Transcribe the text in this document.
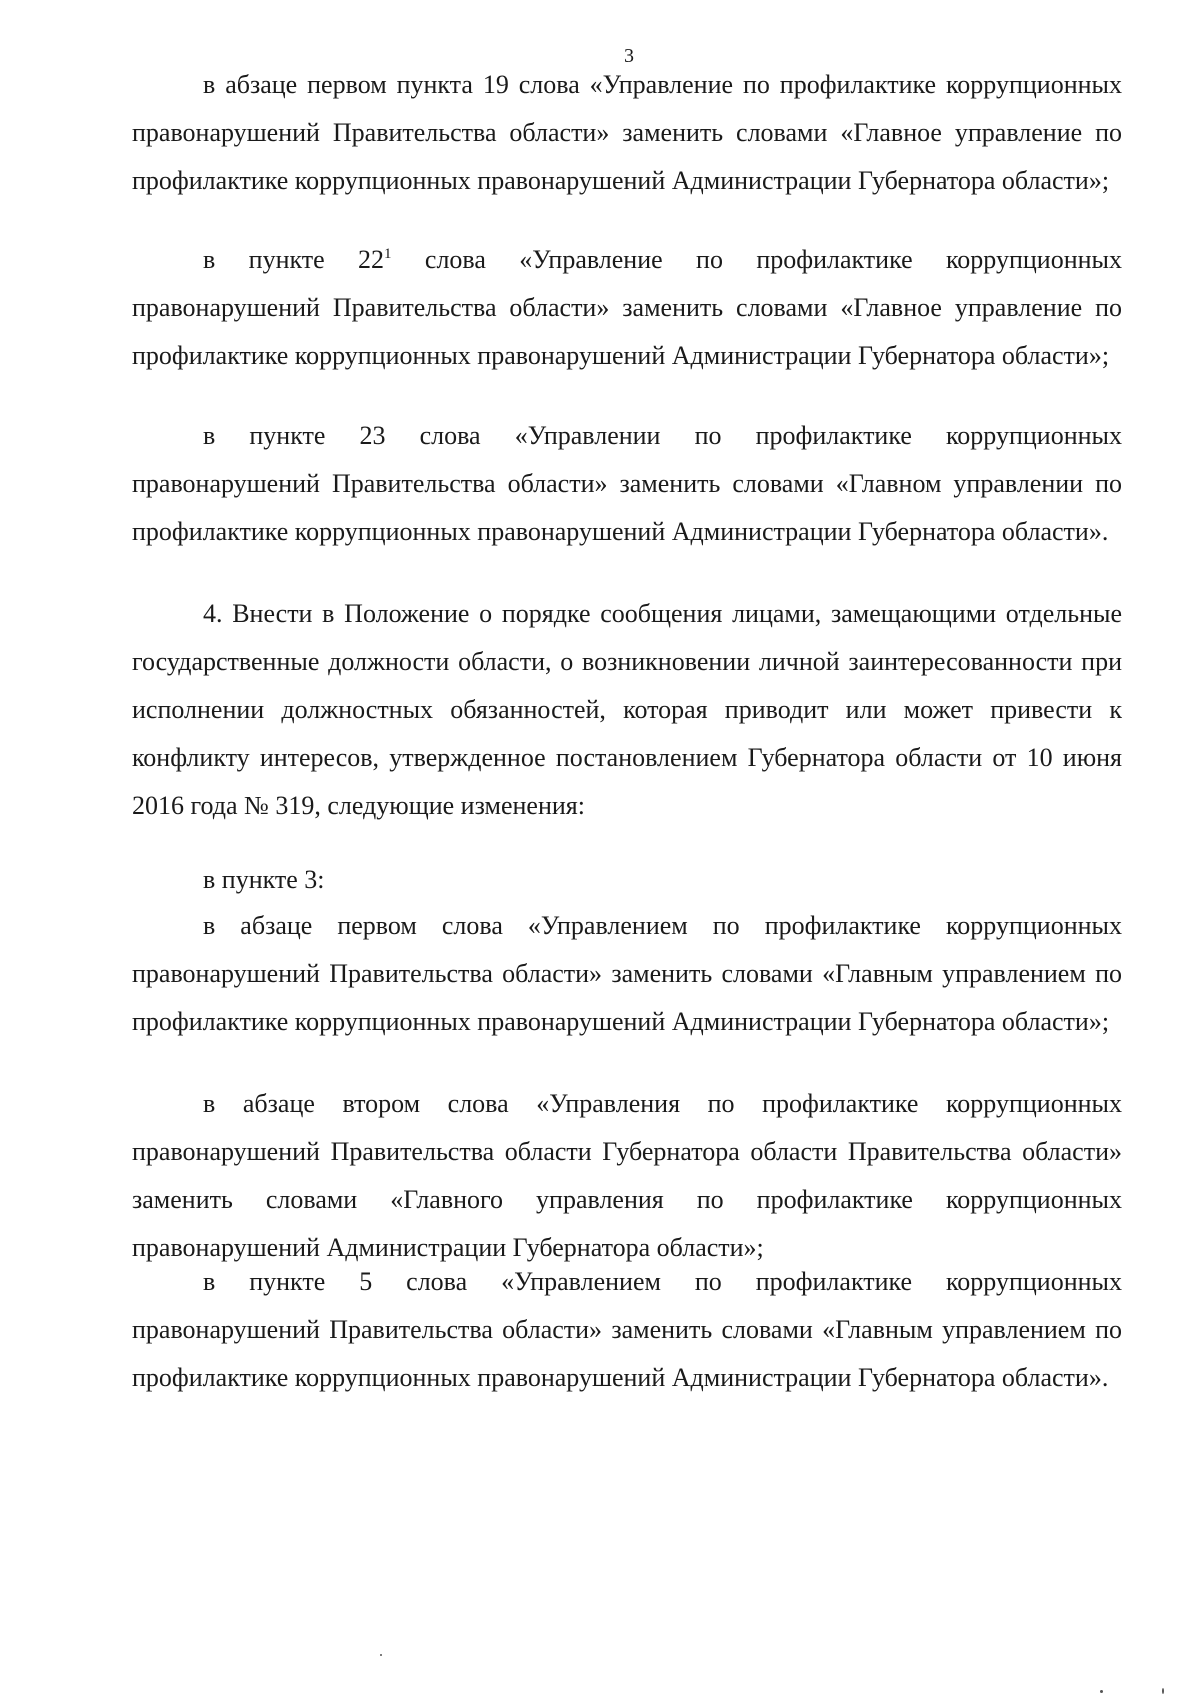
3

в абзаце первом пункта 19 слова «Управление по профилактике коррупционных правонарушений Правительства области» заменить словами «Главное управление по профилактике коррупционных правонарушений Администрации Губернатора области»;

в пункте $22^1$ слова «Управление по профилактике коррупционных правонарушений Правительства области» заменить словами «Главное управление по профилактике коррупционных правонарушений Администрации Губернатора области»;

в пункте 23 слова «Управлении по профилактике коррупционных правонарушений Правительства области» заменить словами «Главном управлении по профилактике коррупционных правонарушений Администрации Губернатора области».

4. Внести в Положение о порядке сообщения лицами, замещающими отдельные государственные должности области, о возникновении личной заинтересованности при исполнении должностных обязанностей, которая приводит или может привести к конфликту интересов, утвержденное постановлением Губернатора области от 10 июня 2016 года № 319, следующие изменения:

в пункте 3:

в абзаце первом слова «Управлением по профилактике коррупционных правонарушений Правительства области» заменить словами «Главным управлением по профилактике коррупционных правонарушений Администрации Губернатора области»;

в абзаце втором слова «Управления по профилактике коррупционных правонарушений Правительства области Губернатора области Правительства области» заменить словами «Главного управления по профилактике коррупционных правонарушений Администрации Губернатора области»;

в пункте 5 слова «Управлением по профилактике коррупционных правонарушений Правительства области» заменить словами «Главным управлением по профилактике коррупционных правонарушений Администрации Губернатора области».
